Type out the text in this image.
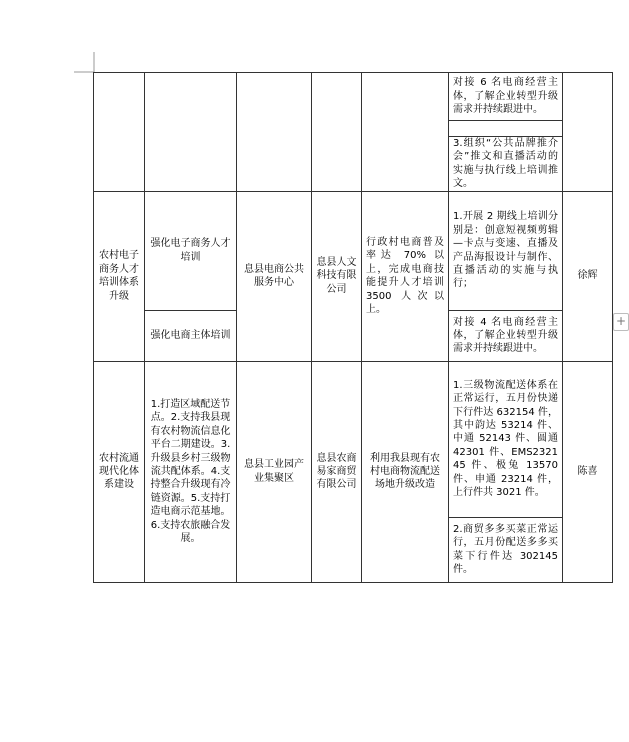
					对接 6 名电商经营主体，了解企业转型升级需求并持续跟进中。	

					3.组织“公共品牌推介会”推文和直播活动的实施与执行线上培训推文。	
农村电子商务人才培训体系升级	强化电子商务人才培训	息县电商公共服务中心	息县人文科技有限公司	行政村电商普及率达 70% 以上，完成电商技能提升人才培训 3500 人次以上。	1.开展 2 期线上培训分别是：创意短视频剪辑—卡点与变速、直播及产品海报设计与制作、直播活动的实施与执行；	徐辉
	强化电商主体培训				对接 4 名电商经营主体，了解企业转型升级需求并持续跟进中。	
农村流通现代化体系建设	1.打造区域配送节点。2.支持我县现有农村物流信息化平台二期建设。3.升级县乡村三级物流共配体系。4.支持整合升级现有冷链资源。5.支持打造电商示范基地。6.支持农旅融合发展。	息县工业园产业集聚区	息县农商易家商贸有限公司	利用我县现有农村电商物流配送场地升级改造	1.三级物流配送体系在正常运行，五月份快递下行件达 632154 件，其中韵达 53214 件、中通 52143 件、圆通 42301 件、EMS232145 件、极兔 13570 件、申通 23214 件，上行件共 3021 件。	陈喜
					2.商贸多多买菜正常运行，五月份配送多多买菜下行件达 302145 件。	
+
